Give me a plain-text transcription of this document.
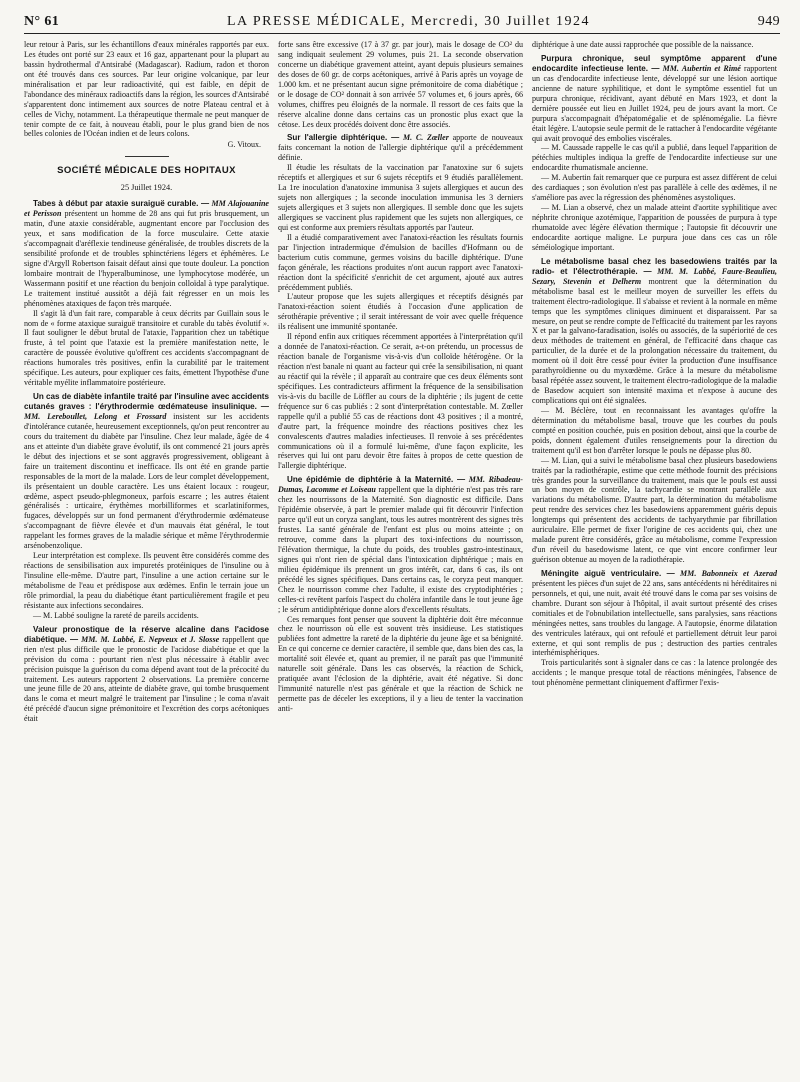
N° 61	LA PRESSE MÉDICALE, Mercredi, 30 Juillet 1924	949

leur retour à Paris, sur les échantillons d'eaux minérales rapportés par eux. Les études ont porté sur 23 eaux et 16 gaz, appartenant pour la plupart au bassin hydrothermal d'Antsirabé (Madagascar). Radium, radon et thoron ont été trouvés dans ces sources. Par leur origine volcanique, par leur minéralisation et par leur radioactivité, qui est faible, en dépit de l'abondance des minéraux radioactifs dans la région, les sources d'Antsirabé s'apparentent donc intimement aux sources de notre Plateau central et à celles de Vichy, notamment. La thérapeutique thermale ne peut manquer de tenir compte de ce fait, à nouveau établi, pour le plus grand bien de nos belles colonies de l'Océan indien et de leurs colons.

G. Vitoux.
SOCIÉTÉ MÉDICALE DES HOPITAUX
25 Juillet 1924.

Tabes à début par ataxie suraiguë curable. — MM Alajouanine et Perisson présentent un homme de 28 ans qui fut pris brusquement, un matin, d'une ataxie considérable, augmentant encore par l'occlusion des yeux, et sans modification de la force musculaire. Cette ataxie s'accompagnait d'aréflexie tendineuse généralisée, de troubles discrets de la sensibilité profonde et de troubles sphinctériens légers et éphémères. Le signe d'Argyll Robertson faisait défaut ainsi que toute douleur. La ponction lombaire montrait de l'hyperalbuminose, une lymphocytose modérée, un Wassermann positif et une réaction du benjoin colloïdal à type paralytique. Le traitement institué aussitôt a déjà fait régresser en un mois les phénomènes ataxiques de façon très marquée.

Il s'agit là d'un fait rare, comparable à ceux décrits par Guillain sous le nom de « forme ataxique suraiguë transitoire et curable du tabès évolutif ». Il faut souligner le début brutal de l'ataxie, l'apparition chez un tabétique fruste, à tel point que l'ataxie est la première manifestation nette, le caractère de poussée évolutive qu'offrent ces accidents s'accompagnant de réactions humorales très positives, enfin la curabilité par le traitement spécifique. Les auteurs, pour expliquer ces faits, émettent l'hypothèse d'une véritable myélite inflammatoire postérieure.

Un cas de diabète infantile traité par l'insuline avec accidents cutanés graves : l'érythrodermie œdémateuse insulinique. — MM. Lereboullet, Lelong et Frossard insistent sur les accidents d'intolérance cutanée, heureusement exceptionnels, qu'on peut rencontrer au cours du traitement du diabète par l'insuline. Chez leur malade, âgée de 4 ans et atteinte d'un diabète grave évolutif, ils ont commencé 21 jours après le début des injections et se sont aggravés progressivement, obligeant à faire un traitement discontinu et inefficace. Ils ont été en grande partie responsables de la mort de la malade. Lors de leur complet développement, ils présentaient un double caractère. Les uns étaient locaux : rougeur, œdème, aspect pseudo-phlegmoneux, parfois escarre ; les autres étaient généralisés : urticaire, érythèmes morbilliformes et scarlatiniformes, fugaces, développés sur un fond permanent d'érythrodermie œdémateuse s'accompagnant de fièvre élevée et d'un mauvais état général, le tout rappelant les formes graves de la maladie sérique et même l'érythrodermie arsénobenzolique.

Leur interprétation est complexe. Ils peuvent être considérés comme des réactions de sensibilisation aux impuretés protéiniques de l'insuline ou à l'insuline elle-même. D'autre part, l'insuline a une action certaine sur le métabolisme de l'eau et prédispose aux œdèmes. Enfin le terrain joue un rôle primordial, la peau du diabétique étant particulièrement fragile et peu résistante aux infections secondaires.

— M. Labbé souligne la rareté de pareils accidents.

Valeur pronostique de la réserve alcaline dans l'acidose diabétique. — MM. M. Labbé, E. Nepveux et J. Slosse rappellent que rien n'est plus difficile que le pronostic de l'acidose diabétique et que la prévision du coma : pourtant rien n'est plus nécessaire à établir avec précision puisque la guérison du coma dépend avant tout de la précocité du traitement. Les auteurs rapportent 2 observations. La première concerne une jeune fille de 20 ans, atteinte de diabète grave, qui tombe brusquement dans le coma et meurt malgré le traitement par l'insuline ; le coma n'avait été précédé d'aucun signe prémonitoire et l'excrétion des corps acétoniques était

forte sans être excessive (17 à 37 gr. par jour), mais le dosage de CO² du sang indiquait seulement 29 volumes, puis 21. La seconde observation concerne un diabétique gravement atteint, ayant depuis plusieurs semaines des doses de 60 gr. de corps acétoniques, arrivé à Paris après un voyage de 1.000 km. et ne présentant aucun signe prémonitoire de coma diabétique ; or le dosage de CO² donnait à son arrivée 57 volumes et, 6 jours après, 66 volumes, chiffres peu éloignés de la normale. Il ressort de ces faits que la réserve alcaline donne dans certains cas un pronostic plus exact que la cétose. Les deux procédés doivent donc être associés.

Sur l'allergie diphtérique. — M. C. Zœller apporte de nouveaux faits concernant la notion de l'allergie diphtérique qu'il a précédemment définie.

Il étudie les résultats de la vaccination par l'anatoxine sur 6 sujets réceptifs et allergiques et sur 6 sujets réceptifs et 9 étudiés parallèlement. La 1re inoculation d'anatoxine immunisa 3 sujets allergiques et aucun des sujets non allergiques ; la seconde inoculation immunisa les 3 derniers sujets allergiques et 3 sujets non allergiques. Il semble donc que les sujets allergiques se vaccinent plus rapidement que les sujets non allergiques, ce qui est conforme aux premiers résultats apportés par l'auteur.

Il a étudié comparativement avec l'anatoxi-réaction les résultats fournis par l'injection intradermique d'émulsion de bacilles d'Hofmann ou de bacterium cutis commune, germes voisins du bacille diphtérique. D'une façon générale, les réactions produites n'ont aucun rapport avec l'anatoxi-réaction dont la spécificité s'enrichit de cet argument, ajouté aux autres précédemment publiés.

L'auteur propose que les sujets allergiques et réceptifs désignés par l'anatoxi-réaction soient étudiés à l'occasion d'une application de sérothérapie préventive ; il serait intéressant de voir avec quelle fréquence ils réalisent une immunité spontanée.

Il répond enfin aux critiques récemment apportées à l'interprétation qu'il a donnée de l'anatoxi-réaction. Ce serait, a-t-on prétendu, un processus de réaction banale de l'organisme vis-à-vis d'un colloïde hétérogène. Or la réaction n'est banale ni quant au facteur qui crée la sensibilisation, ni quant au réactif qui la révèle ; il apparaît au contraire que ces deux éléments sont spécifiques. Les contradicteurs affirment la fréquence de la sensibilisation vis-à-vis du bacille de Löffler au cours de la diphtérie ; ils jugent de cette fréquence sur 6 cas publiés : 2 sont d'interprétation contestable. M. Zœller rappelle qu'il a publié 55 cas de réactions dont 43 positives ; il a montré, d'autre part, la fréquence moindre des réactions positives chez les convalescents d'autres maladies infectieuses. Il renvoie à ses précédentes communications où il a formulé lui-même, d'une façon explicite, les réserves qui lui ont paru devoir être faites à propos de cette question de l'allergie diphtérique.

Une épidémie de diphtérie à la Maternité. — MM. Ribadeau-Dumas, Lacomme et Loiseau rappellent que la diphtérie n'est pas très rare chez les nourrissons de la Maternité. Son diagnostic est difficile. Dans l'épidémie observée, à part le premier malade qui fit découvrir l'infection parce qu'il eut un coryza sanglant, tous les autres montrèrent des signes très frustes. La santé générale de l'enfant est plus ou moins atteinte ; on retrouve, comme dans la plupart des toxi-infections du nourrisson, l'élévation thermique, la chute du poids, des troubles gastro-intestinaux, signes qui n'ont rien de spécial dans l'intoxication diphtérique ; mais en milieu épidémique ils prennent un gros intérêt, car, dans 6 cas, ils ont précédé les signes spécifiques. Dans certains cas, le coryza peut manquer. Chez le nourrisson comme chez l'adulte, il existe des cryptodiphtéries ; celles-ci revêtent parfois l'aspect du choléra infantile dans le tout jeune âge ; le sérum antidiphtérique donne alors d'excellents résultats.

Ces remarques font penser que souvent la diphtérie doit être méconnue chez le nourrisson où elle est souvent très insidieuse. Les statistiques publiées font admettre la rareté de la diphtérie du jeune âge et sa bénignité. En ce qui concerne ce dernier caractère, il semble que, dans bien des cas, la mortalité soit élevée et, quant au premier, il ne paraît pas que l'immunité naturelle soit générale. Dans les cas observés, la réaction de Schick, pratiquée avant l'éclosion de la diphtérie, avait été négative. Si donc l'immunité naturelle n'est pas générale et que la réaction de Schick ne permette pas de déceler les exceptions, il y a lieu de tenter la vaccination anti-

diphtérique à une date aussi rapprochée que possible de la naissance.

Purpura chronique, seul symptôme apparent d'une endocardite infectieuse lente. — MM. Aubertin et Rimé rapportent un cas d'endocardite infectieuse lente, développé sur une lésion aortique ancienne de nature syphilitique, et dont le symptôme essentiel fut un purpura chronique, récidivant, ayant débuté en Mars 1923, et dont la dernière poussée eut lieu en Juillet 1924, peu de jours avant la mort. Ce purpura s'accompagnait d'hépatomégalie et de splénomégalie. La fièvre était légère. L'autopsie seule permit de le rattacher à l'endocardite végétante qui avait provoqué des embolies viscérales.

— M. Caussade rappelle le cas qu'il a publié, dans lequel l'apparition de pétéchies multiples indiqua la greffe de l'endocardite infectieuse sur une endocardite rhumatismale ancienne.

— M. Aubertin fait remarquer que ce purpura est assez différent de celui des cardiaques ; son évolution n'est pas parallèle à celle des œdèmes, il ne s'améliore pas avec la régression des phénomènes asystoliques.

— M. Lian a observé, chez un malade atteint d'aortite syphilitique avec néphrite chronique azotémique, l'apparition de poussées de purpura à type rhumatoïde avec légère élévation thermique ; l'autopsie fit découvrir une endocardite aortique maligne. Le purpura joue dans ces cas un rôle séméiologique important.

Le métabolisme basal chez les basedowiens traités par la radio- et l'électrothérapie. — MM. M. Labbé, Faure-Beaulieu, Sezary, Stevenin et Delherm montrent que la détermination du métabolisme basal est le meilleur moyen de surveiller les effets du traitement électro-radiologique. Il s'abaisse et revient à la normale en même temps que les symptômes cliniques diminuent et disparaissent. Par sa mesure, on peut se rendre compte de l'efficacité du traitement par les rayons X et par la galvano-faradisation, isolés ou associés, de la supériorité de ces deux méthodes de traitement en général, de l'efficacité dans chaque cas particulier, de la durée et de la prolongation nécessaire du traitement, du moment où il doit être cessé pour éviter la production d'une insuffisance parathyroïdienne ou du myxœdème. Grâce à la mesure du métabolisme basal répétée assez souvent, le traitement électro-radiologique de la maladie de Basedow acquiert son intensité maxima et n'expose à aucune des complications qui ont été signalées.

— M. Béclère, tout en reconnaissant les avantages qu'offre la détermination du métabolisme basal, trouve que les courbes du pouls compté en position couchée, puis en position debout, ainsi que la courbe de poids, donnent également d'utiles renseignements pour la direction du traitement qu'il est bon d'arrêter lorsque le pouls ne dépasse plus 80.

— M. Lian, qui a suivi le métabolisme basal chez plusieurs basedowiens traités par la radiothérapie, estime que cette méthode fournit des précisions très grandes pour la surveillance du traitement, mais que le pouls est aussi un bon moyen de contrôle, la tachycardie se montrant parallèle aux variations du métabolisme. D'autre part, la détermination du métabolisme peut rendre des services chez les basedowiens apparemment guéris depuis longtemps qui présentent des accidents de tachyarythmie par fibrillation auriculaire. Elle permet de fixer l'origine de ces accidents qui, chez une malade purent être considérés, grâce au métabolisme, comme l'expression d'un réveil du basedowisme latent, ce que vint encore confirmer leur guérison obtenue au moyen de la radiothérapie.

Méningite aiguë ventriculaire. — MM. Babonneix et Azerad présentent les pièces d'un sujet de 22 ans, sans antécédents ni héréditaires ni personnels, et qui, une nuit, avait été trouvé dans le coma par ses voisins de chambre. Durant son séjour à l'hôpital, il avait surtout présenté des crises comitiales et de l'obnubilation intellectuelle, sans paralysies, sans réactions méningées nettes, sans troubles du langage. A l'autopsie, énorme dilatation des ventricules latéraux, qui ont refoulé et partiellement détruit leur paroi externe, et qui sont remplis de pus ; destruction des parties centrales interhémisphériques.

Trois particularités sont à signaler dans ce cas : la latence prolongée des accidents ; le manque presque total de réactions méningées, l'absence de tout phénomène permettant cliniquement d'affirmer l'exis-
